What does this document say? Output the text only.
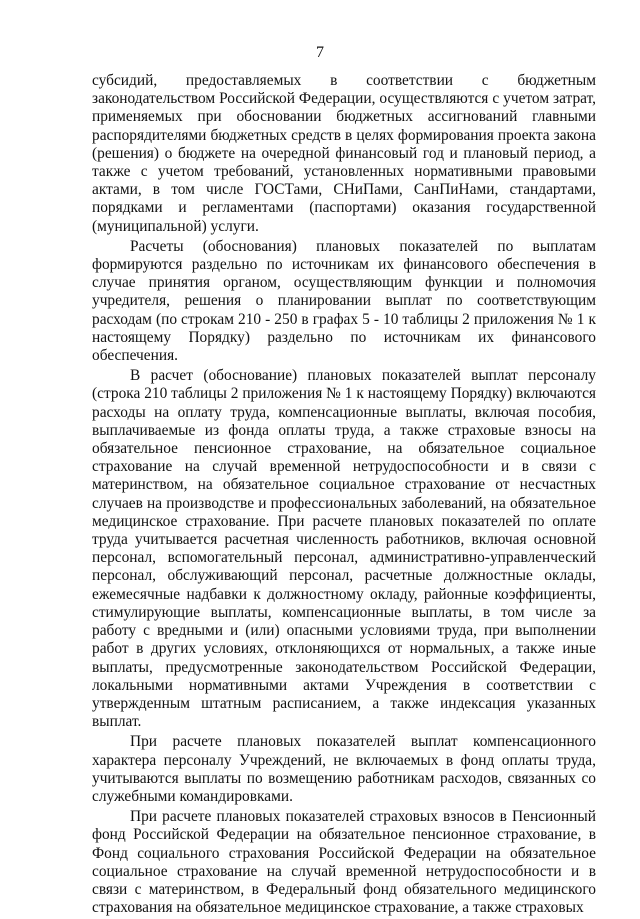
7

субсидий, предоставляемых в соответствии с бюджетным законодательством Российской Федерации, осуществляются с учетом затрат, применяемых при обосновании бюджетных ассигнований главными распорядителями бюджетных средств в целях формирования проекта закона (решения) о бюджете на очередной финансовый год и плановый период, а также с учетом требований, установленных нормативными правовыми актами, в том числе ГОСТами, СНиПами, СанПиНами, стандартами, порядками и регламентами (паспортами) оказания государственной (муниципальной) услуги.

Расчеты (обоснования) плановых показателей по выплатам формируются раздельно по источникам их финансового обеспечения в случае принятия органом, осуществляющим функции и полномочия учредителя, решения о планировании выплат по соответствующим расходам (по строкам 210 - 250 в графах 5 - 10 таблицы 2 приложения № 1 к настоящему Порядку) раздельно по источникам их финансового обеспечения.

В расчет (обоснование) плановых показателей выплат персоналу (строка 210 таблицы 2 приложения № 1 к настоящему Порядку) включаются расходы на оплату труда, компенсационные выплаты, включая пособия, выплачиваемые из фонда оплаты труда, а также страховые взносы на обязательное пенсионное страхование, на обязательное социальное страхование на случай временной нетрудоспособности и в связи с материнством, на обязательное социальное страхование от несчастных случаев на производстве и профессиональных заболеваний, на обязательное медицинское страхование. При расчете плановых показателей по оплате труда учитывается расчетная численность работников, включая основной персонал, вспомогательный персонал, административно-управленческий персонал, обслуживающий персонал, расчетные должностные оклады, ежемесячные надбавки к должностному окладу, районные коэффициенты, стимулирующие выплаты, компенсационные выплаты, в том числе за работу с вредными и (или) опасными условиями труда, при выполнении работ в других условиях, отклоняющихся от нормальных, а также иные выплаты, предусмотренные законодательством Российской Федерации, локальными нормативными актами Учреждения в соответствии с утвержденным штатным расписанием, а также индексация указанных выплат.

При расчете плановых показателей выплат компенсационного характера персоналу Учреждений, не включаемых в фонд оплаты труда, учитываются выплаты по возмещению работникам расходов, связанных со служебными командировками.

При расчете плановых показателей страховых взносов в Пенсионный фонд Российской Федерации на обязательное пенсионное страхование, в Фонд социального страхования Российской Федерации на обязательное социальное страхование на случай временной нетрудоспособности и в связи с материнством, в Федеральный фонд обязательного медицинского страхования на обязательное медицинское страхование, а также страховых
